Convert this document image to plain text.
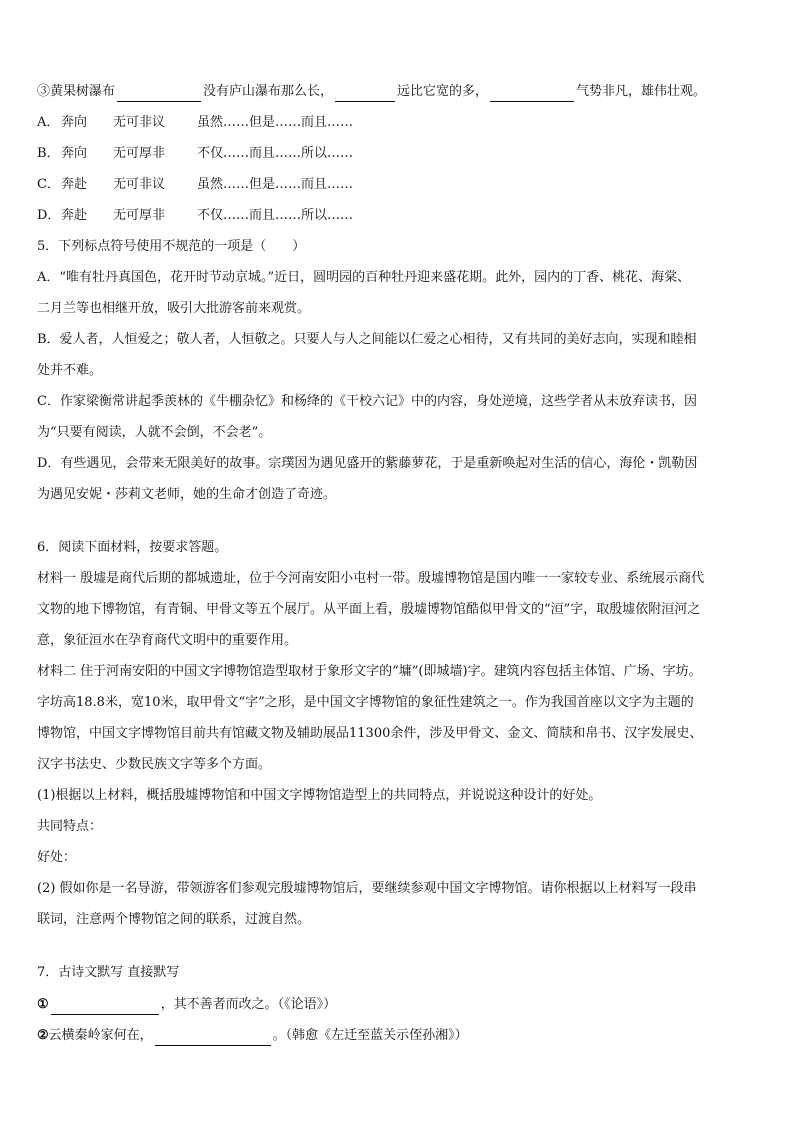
③黄果树瀑布	没有庐山瀑布那么长，	远比它宽的多，	气势非凡，雄伟壮观。
A． 奔向 无可非议 虽然……但是……而且……
B．奔向 无可厚非 不仅……而且……所以……
C．奔赴 无可非议 虽然……但是……而且……
D．奔赴 无可厚非 不仅……而且……所以……
5．下列标点符号使用不规范的一项是（　　）
A．“唯有牡丹真国色，花开时节动京城。”近日，圆明园的百种牡丹迎来盛花期。此外，园内的丁香、桃花、海棠、
二月兰等也相继开放，吸引大批游客前来观赏。
B．爱人者，人恒爱之；敬人者，人恒敬之。只要人与人之间能以仁爱之心相待，又有共同的美好志向，实现和睦相
处并不难。
C．作家梁衡常讲起季羡林的《牛棚杂忆》和杨绛的《干校六记》中的内容，身处逆境，这些学者从未放弃读书，因
为“只要有阅读，人就不会倒，不会老”。
D．有些遇见，会带来无限美好的故事。宗璞因为遇见盛开的紫藤萝花，于是重新唤起对生活的信心，海伦・凯勒因
为遇见安妮・莎莉文老师，她的生命才创造了奇迹。
6．阅读下面材料，按要求答题。
材料一 殷墟是商代后期的都城遗址，位于今河南安阳小屯村一带。殷墟博物馆是国内唯一一家较专业、系统展示商代
文物的地下博物馆，有青铜、甲骨文等五个展厅。从平面上看，殷墟博物馆酷似甲骨文的“洹”字，取殷墟依附洹河之
意，象征洹水在孕育商代文明中的重要作用。
材料二 住于河南安阳的中国文字博物馆造型取材于象形文字的“墉”(即城墙)字。建筑内容包括主体馆、广场、字坊。
字坊高18.8米，宽10米，取甲骨文“字”之形，是中国文字博物馆的象征性建筑之一。作为我国首座以文字为主题的
博物馆，中国文字博物馆目前共有馆藏文物及辅助展品11300余件，涉及甲骨文、金文、简牍和帛书、汉字发展史、
汉字书法史、少数民族文字等多个方面。
(1)根据以上材料，概括殷墟博物馆和中国文字博物馆造型上的共同特点，并说说这种设计的好处。
共同特点：
好处：
(2) 假如你是一名导游，带领游客们参观完殷墟博物馆后，要继续参观中国文字博物馆。请你根据以上材料写一段串
联词，注意两个博物馆之间的联系，过渡自然。
7．古诗文默写 直接默写
①	，其不善者而改之。（《论语》）
②云横秦岭家何在，	。（韩愈《左迁至蓝关示侄孙湘》）
